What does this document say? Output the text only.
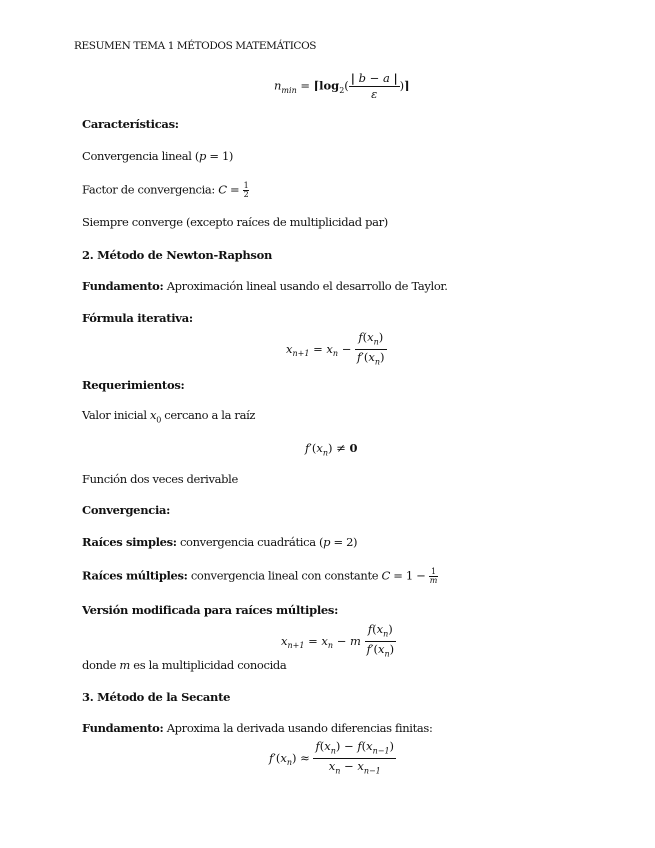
RESUMEN TEMA 1 MÉTODOS MATEMÁTICOS
$n_{min}$ = $⌈\log_2( \frac{| b - a |}{\varepsilon}$ )⌉
Características:
Convergencia lineal (p = 1)
Factor de convergencia: $C = \frac{1}{2}$
Siempre converge (excepto raíces de multiplicidad par)
2. Método de Newton-Raphson
Fundamento: Aproximación lineal usando el desarrollo de Taylor.
Fórmula iterativa:
$x_{n+1} = x_n - \frac{f(x_n)}{f'(x_n)}$
Requerimientos:
Valor inicial $x_0$ cercano a la raíz
$f'(x_n) \ne 0$
Función dos veces derivable
Convergencia:
Raíces simples: convergencia cuadrática (p = 2)
Raíces múltiples: convergencia lineal con constante $C = 1 - \frac{1}{m}$
Versión modificada para raíces múltiples:
$x_{n+1} = x_n - m \frac{f(x_n)}{f'(x_n)}$
donde m es la multiplicidad conocida
3. Método de la Secante
Fundamento: Aproxima la derivada usando diferencias finitas:
$f'(x_n) \approx \frac{f(x_n) - f(x_{n-1})}{x_n - x_{n-1}}$
